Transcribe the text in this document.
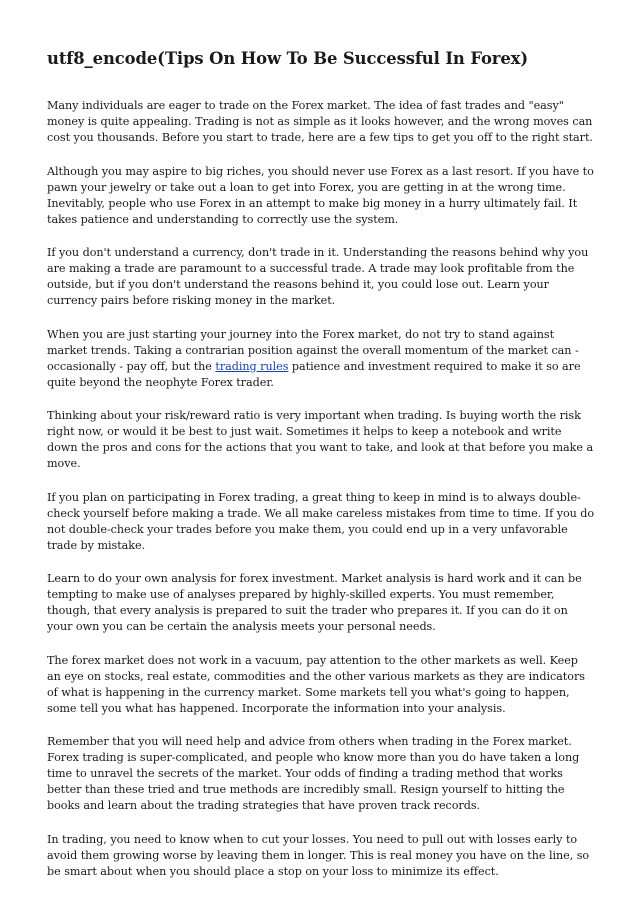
utf8_encode(Tips On How To Be Successful In Forex)

Many individuals are eager to trade on the Forex market. The idea of fast trades and "easy" money is quite appealing. Trading is not as simple as it looks however, and the wrong moves can cost you thousands. Before you start to trade, here are a few tips to get you off to the right start.

Although you may aspire to big riches, you should never use Forex as a last resort. If you have to pawn your jewelry or take out a loan to get into Forex, you are getting in at the wrong time. Inevitably, people who use Forex in an attempt to make big money in a hurry ultimately fail. It takes patience and understanding to correctly use the system.

If you don't understand a currency, don't trade in it. Understanding the reasons behind why you are making a trade are paramount to a successful trade. A trade may look profitable from the outside, but if you don't understand the reasons behind it, you could lose out. Learn your currency pairs before risking money in the market.

When you are just starting your journey into the Forex market, do not try to stand against market trends. Taking a contrarian position against the overall momentum of the market can - occasionally - pay off, but the trading rules patience and investment required to make it so are quite beyond the neophyte Forex trader.

Thinking about your risk/reward ratio is very important when trading. Is buying worth the risk right now, or would it be best to just wait. Sometimes it helps to keep a notebook and write down the pros and cons for the actions that you want to take, and look at that before you make a move.

If you plan on participating in Forex trading, a great thing to keep in mind is to always double-check yourself before making a trade. We all make careless mistakes from time to time. If you do not double-check your trades before you make them, you could end up in a very unfavorable trade by mistake.

Learn to do your own analysis for forex investment. Market analysis is hard work and it can be tempting to make use of analyses prepared by highly-skilled experts. You must remember, though, that every analysis is prepared to suit the trader who prepares it. If you can do it on your own you can be certain the analysis meets your personal needs.

The forex market does not work in a vacuum, pay attention to the other markets as well. Keep an eye on stocks, real estate, commodities and the other various markets as they are indicators of what is happening in the currency market. Some markets tell you what's going to happen, some tell you what has happened. Incorporate the information into your analysis.

Remember that you will need help and advice from others when trading in the Forex market. Forex trading is super-complicated, and people who know more than you do have taken a long time to unravel the secrets of the market. Your odds of finding a trading method that works better than these tried and true methods are incredibly small. Resign yourself to hitting the books and learn about the trading strategies that have proven track records.

In trading, you need to know when to cut your losses. You need to pull out with losses early to avoid them growing worse by leaving them in longer. This is real money you have on the line, so be smart about when you should place a stop on your loss to minimize its effect.
